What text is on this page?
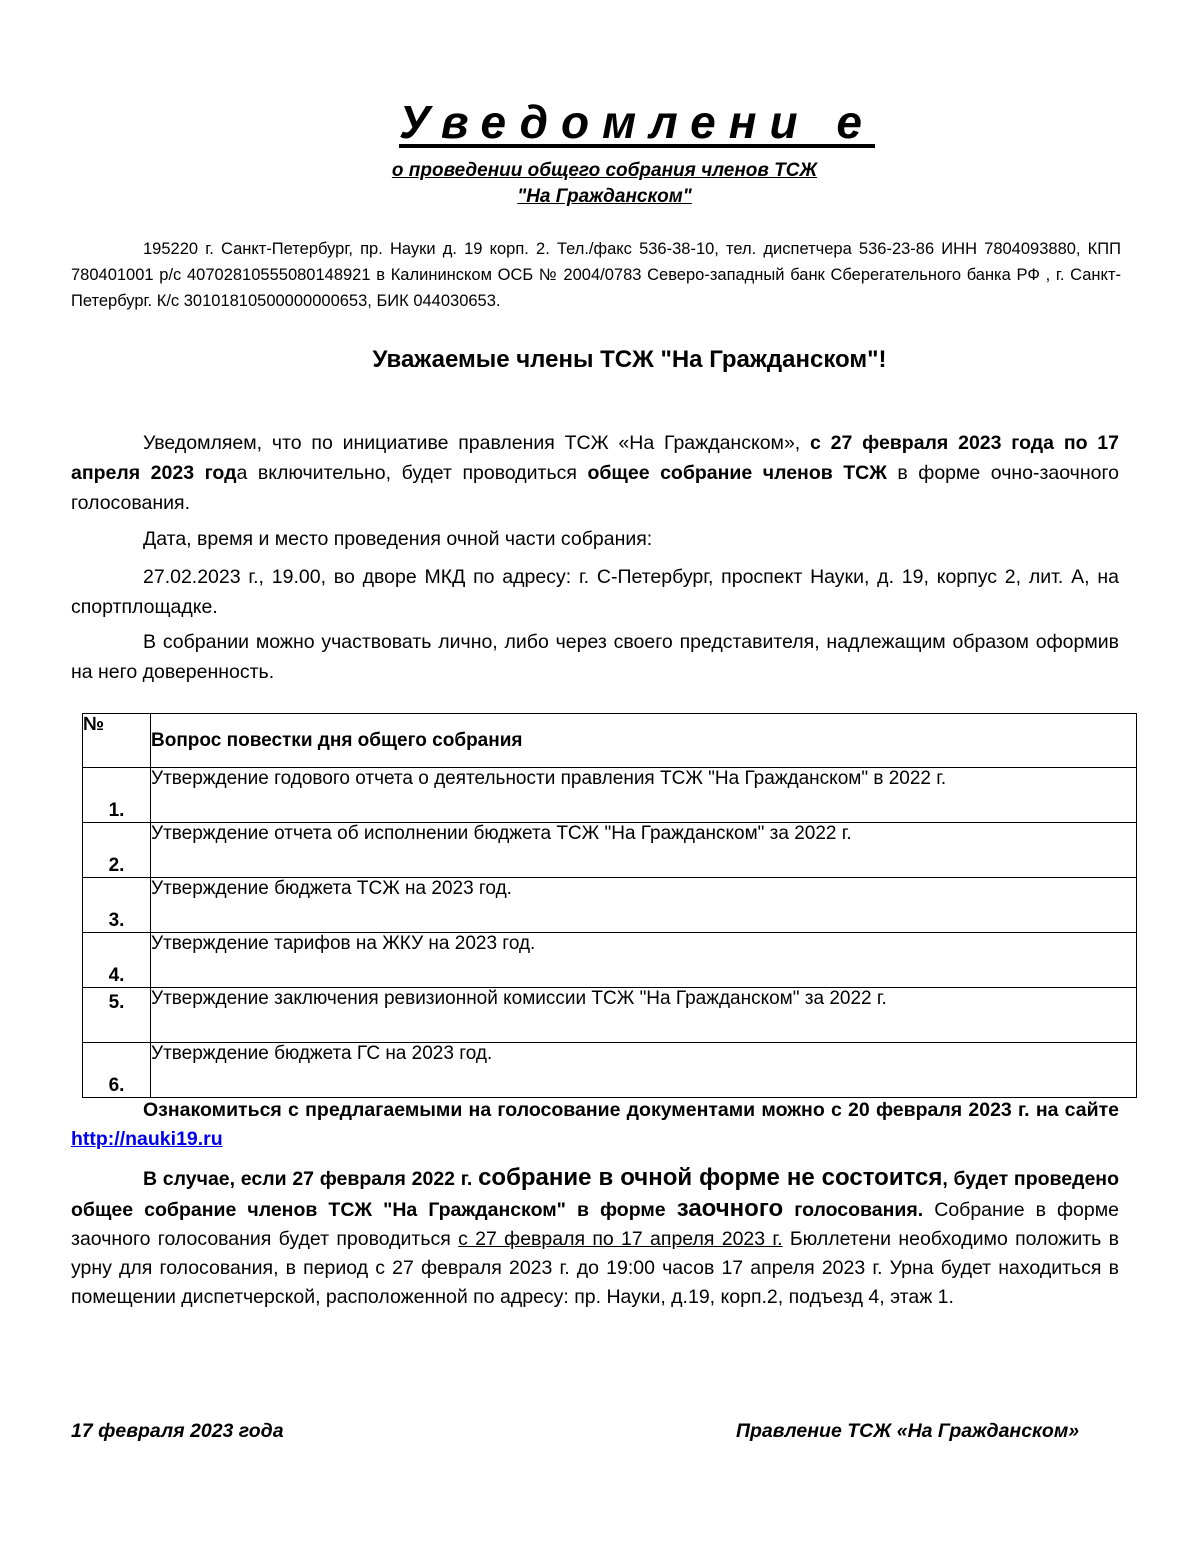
Уведомлени е
о проведении общего собрания членов ТСЖ
"На Гражданском"
195220 г. Санкт-Петербург, пр. Науки д. 19 корп. 2. Тел./факс 536-38-10, тел. диспетчера 536-23-86 ИНН 7804093880, КПП 780401001 р/с 40702810555080148921 в Калининском ОСБ № 2004/0783 Северо-западный банк Сберегательного банка РФ , г. Санкт-Петербург. К/с 30101810500000000653, БИК 044030653.
Уважаемые члены ТСЖ "На Гражданском"!

Уведомляем, что по инициативе правления ТСЖ «На Гражданском», с 27 февраля 2023 года по 17 апреля 2023 года включительно, будет проводиться общее собрание членов ТСЖ в форме очно-заочного голосования.

Дата, время и место проведения очной части собрания:

27.02.2023 г., 19.00, во дворе МКД по адресу: г. С-Петербург, проспект Науки, д. 19, корпус 2, лит. А, на спортплощадке.

В собрании можно участвовать лично, либо через своего представителя, надлежащим образом оформив на него доверенность.

№	Вопрос повестки дня общего собрания
1.	Утверждение годового отчета о деятельности правления ТСЖ "На Гражданском" в 2022 г.
2.	Утверждение отчета об исполнении бюджета ТСЖ "На Гражданском" за 2022 г.
3.	Утверждение бюджета ТСЖ на 2023 год.
4.	Утверждение тарифов на ЖКУ на 2023 год.
5.	Утверждение заключения ревизионной комиссии ТСЖ "На Гражданском" за 2022 г.
6.	Утверждение бюджета ГС на 2023 год.
Ознакомиться с предлагаемыми на голосование документами можно с 20 февраля 2023 г. на сайте http://nauki19.ru
В случае, если 27 февраля 2022 г. собрание в очной форме не состоится, будет проведено общее собрание членов ТСЖ "На Гражданском" в форме заочного голосования. Собрание в форме заочного голосования будет проводиться с 27 февраля по 17 апреля 2023 г. Бюллетени необходимо положить в урну для голосования, в период с 27 февраля 2023 г. до 19:00 часов 17 апреля 2023 г. Урна будет находиться в помещении диспетчерской, расположенной по адресу: пр. Науки, д.19, корп.2, подъезд 4, этаж 1.
17 февраля 2023 года	Правление ТСЖ «На Гражданском»
